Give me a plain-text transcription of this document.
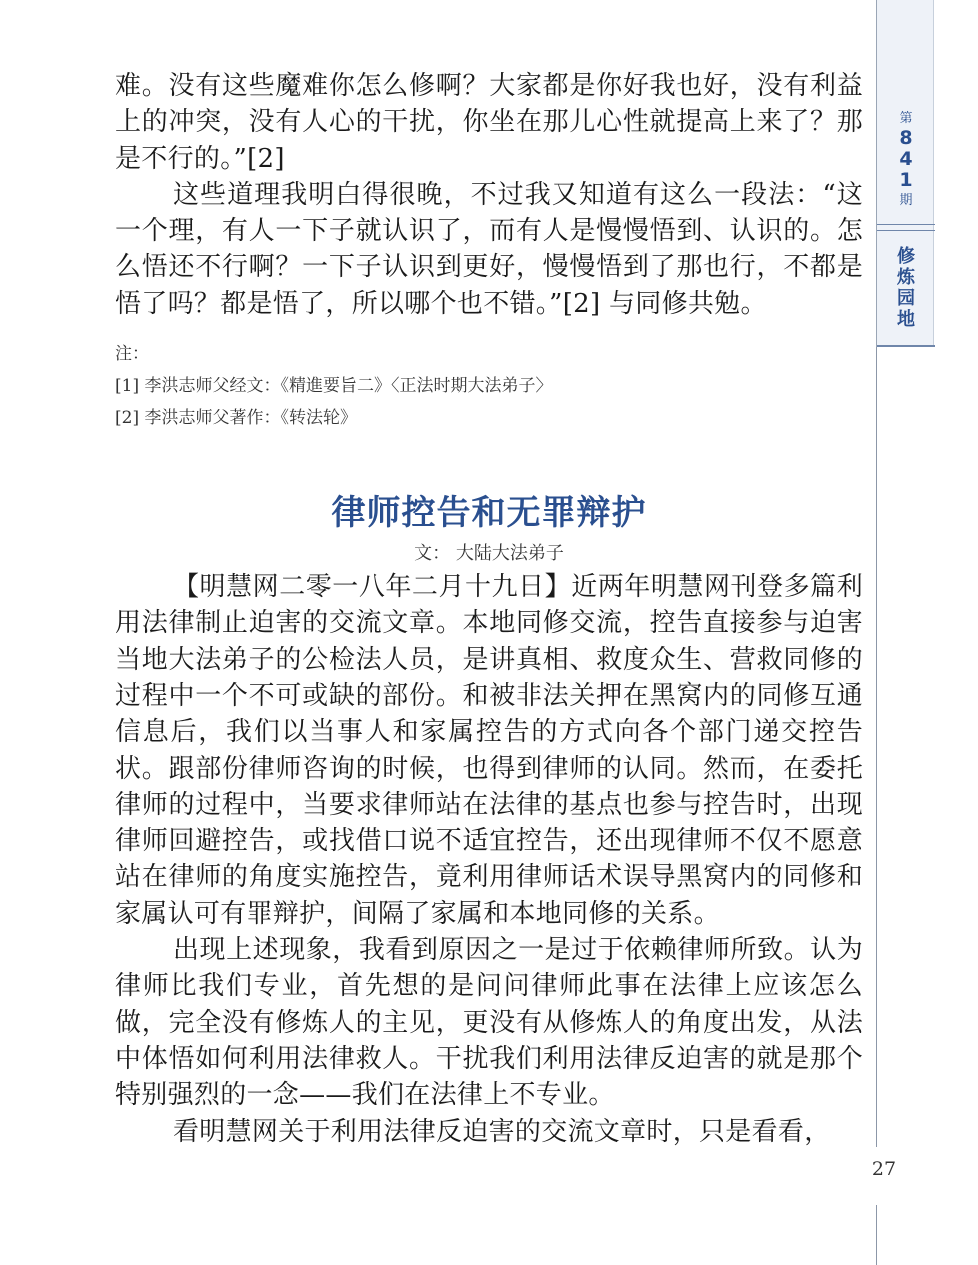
第
8
4
1
期
修
炼
园
地
27

难。没有这些魔难你怎么修啊？大家都是你好我也好，没有利益上的冲突，没有人心的干扰，你坐在那儿心性就提高上来了？那是不行的。”[2]

这些道理我明白得很晚，不过我又知道有这么一段法：“这一个理，有人一下子就认识了，而有人是慢慢悟到、认识的。怎么悟还不行啊？一下子认识到更好，慢慢悟到了那也行，不都是悟了吗？都是悟了，所以哪个也不错。”[2] 与同修共勉。

注：
[1] 李洪志师父经文：《精進要旨二》〈正法时期大法弟子〉
[2] 李洪志师父著作：《转法轮》
律师控告和无罪辩护

文： 大陆大法弟子

【明慧网二零一八年二月十九日】近两年明慧网刊登多篇利用法律制止迫害的交流文章。本地同修交流，控告直接参与迫害当地大法弟子的公检法人员，是讲真相、救度众生、营救同修的过程中一个不可或缺的部份。和被非法关押在黑窝内的同修互通信息后，我们以当事人和家属控告的方式向各个部门递交控告状。跟部份律师咨询的时候，也得到律师的认同。然而，在委托律师的过程中，当要求律师站在法律的基点也参与控告时，出现律师回避控告，或找借口说不适宜控告，还出现律师不仅不愿意站在律师的角度实施控告，竟利用律师话术误导黑窝内的同修和家属认可有罪辩护，间隔了家属和本地同修的关系。

出现上述现象，我看到原因之一是过于依赖律师所致。认为律师比我们专业，首先想的是问问律师此事在法律上应该怎么做，完全没有修炼人的主见，更没有从修炼人的角度出发，从法中体悟如何利用法律救人。干扰我们利用法律反迫害的就是那个特别强烈的一念——我们在法律上不专业。

看明慧网关于利用法律反迫害的交流文章时，只是看看，
